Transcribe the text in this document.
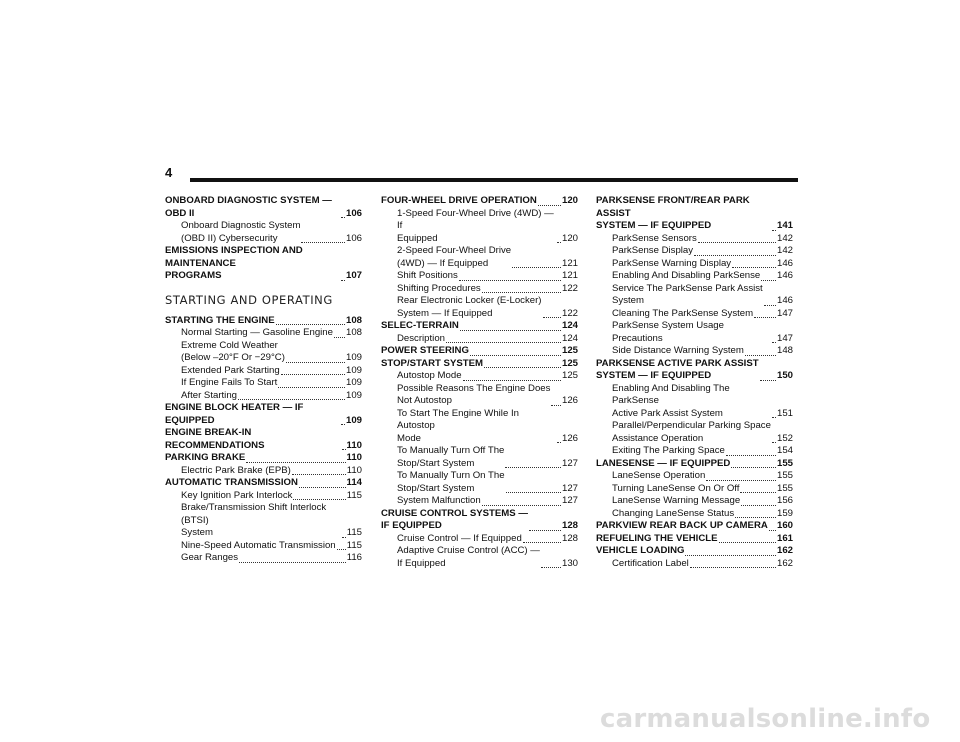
4
ONBOARD DIAGNOSTIC SYSTEM — OBD II	106
Onboard Diagnostic System
(OBD II) Cybersecurity	106
EMISSIONS INSPECTION AND MAINTENANCE
PROGRAMS	107
STARTING AND OPERATING
STARTING THE ENGINE	108
Normal Starting — Gasoline Engine 108
Extreme Cold Weather
(Below –20°F Or −29°C)	109
Extended Park Starting	109
If Engine Fails To Start	109
After Starting	109
ENGINE BLOCK HEATER — IF EQUIPPED	109
ENGINE BREAK-IN RECOMMENDATIONS	110
PARKING BRAKE	110
Electric Park Brake (EPB)	110
AUTOMATIC TRANSMISSION	114
Key Ignition Park Interlock	115
Brake/Transmission Shift Interlock (BTSI)
System	115
Nine-Speed Automatic Transmission 115
Gear Ranges	116
FOUR-WHEEL DRIVE OPERATION	120
1-Speed Four-Wheel Drive (4WD) — If
Equipped	120
2-Speed Four-Wheel Drive
(4WD) — If Equipped	121
Shift Positions	121
Shifting Procedures	122
Rear Electronic Locker (E-Locker)
System — If Equipped	122
SELEC-TERRAIN	124
Description	124
POWER STEERING	125
STOP/START SYSTEM	125
Autostop Mode	125
Possible Reasons The Engine Does
Not Autostop	126
To Start The Engine While In Autostop
Mode	126
To Manually Turn Off The
Stop/Start System	127
To Manually Turn On The
Stop/Start System	127
System Malfunction	127
CRUISE CONTROL SYSTEMS —
IF EQUIPPED	128
Cruise Control — If Equipped	128
Adaptive Cruise Control (ACC) —
If Equipped	130
PARKSENSE FRONT/REAR PARK ASSIST
SYSTEM — IF EQUIPPED	141
ParkSense Sensors	142
ParkSense Display	142
ParkSense Warning Display	146
Enabling And Disabling ParkSense 146
Service The ParkSense Park Assist
System	146
Cleaning The ParkSense System 147
ParkSense System Usage Precautions	147
Side Distance Warning System	148
PARKSENSE ACTIVE PARK ASSIST
SYSTEM — IF EQUIPPED	150
Enabling And Disabling The ParkSense
Active Park Assist System	151
Parallel/Perpendicular Parking Space
Assistance Operation	152
Exiting The Parking Space	154
LANESENSE — IF EQUIPPED	155
LaneSense Operation	155
Turning LaneSense On Or Off	155
LaneSense Warning Message	156
Changing LaneSense Status	159
PARKVIEW REAR BACK UP CAMERA 160
REFUELING THE VEHICLE	161
VEHICLE LOADING	162
Certification Label	162
carmanualsonline.info
